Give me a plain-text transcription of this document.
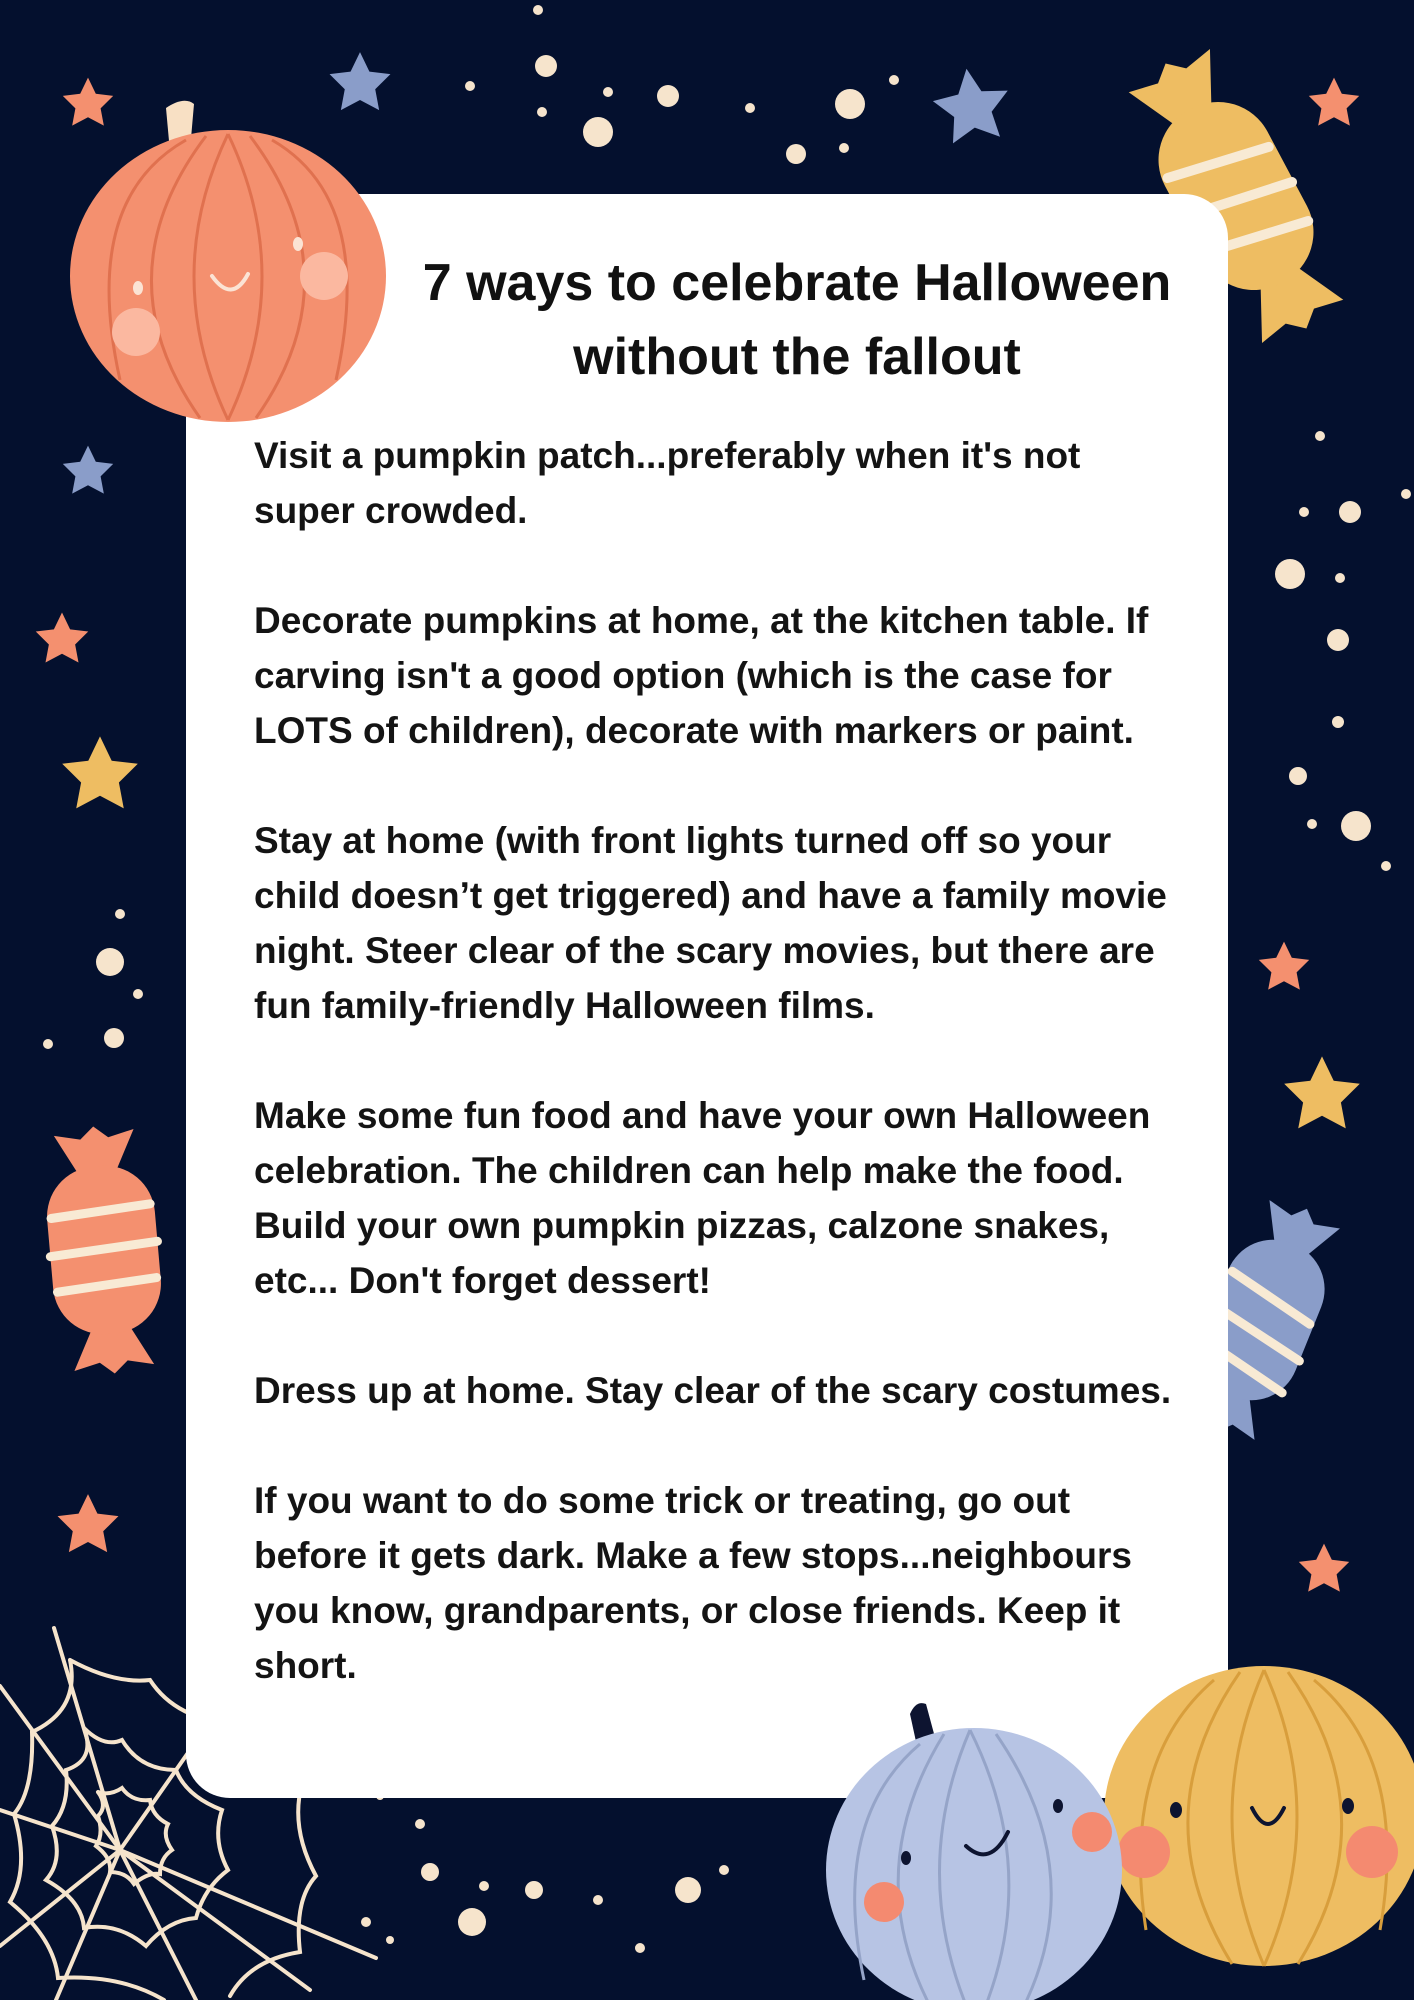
7 ways to celebrate Halloween without the fallout

Visit a pumpkin patch...preferably when it's not super crowded.

Decorate pumpkins at home, at the kitchen table. If carving isn't a good option (which is the case for LOTS of children), decorate with markers or paint.

Stay at home (with front lights turned off so your child doesn’t get triggered) and have a family movie night. Steer clear of the scary movies, but there are fun family-friendly Halloween films.

Make some fun food and have your own Halloween celebration. The children can help make the food. Build your own pumpkin pizzas, calzone snakes, etc... Don't forget dessert!

Dress up at home. Stay clear of the scary costumes.

If you want to do some trick or treating, go out before it gets dark. Make a few stops...neighbours you know, grandparents, or close friends. Keep it short.
